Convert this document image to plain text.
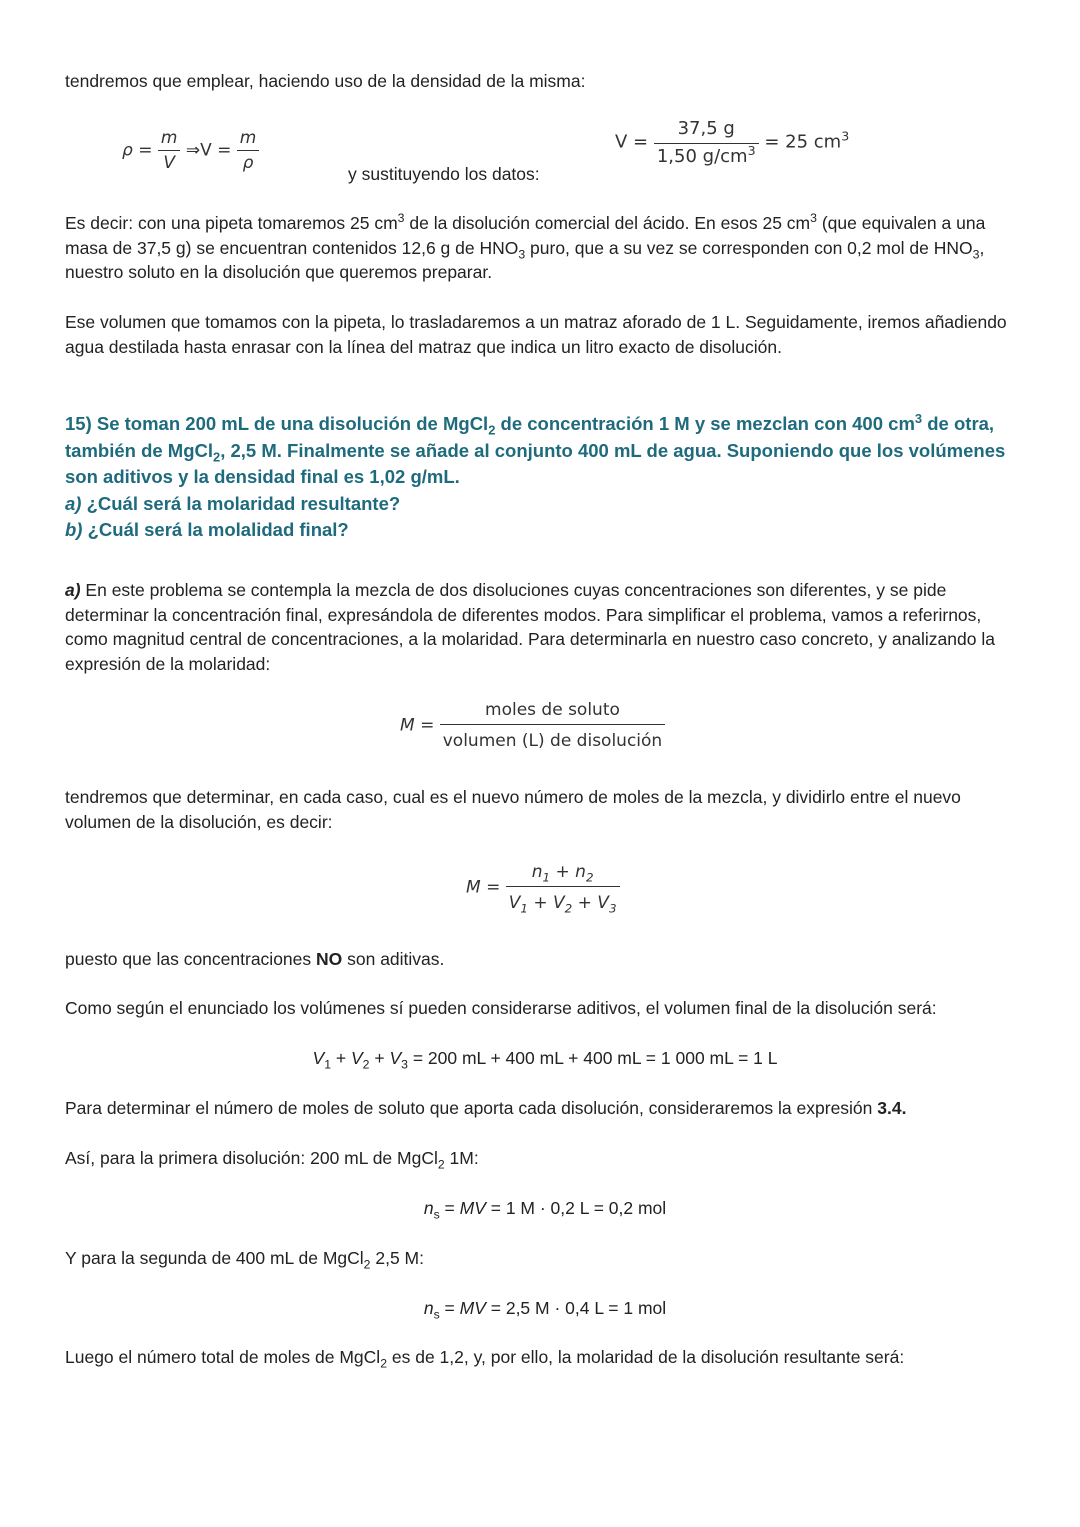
tendremos que emplear, haciendo uso de la densidad de la misma:
$\rho = \frac{m}{V}$ ⇒V = $\frac{m}{\rho}$
y sustituyendo los datos:
$V = \frac{37,5 g}{1,50 g/cm^3} = 25$ $cm^3$
Es decir: con una pipeta tomaremos 25 $cm^3$ de la disolución comercial del ácido. En esos 25 $cm^3$ (que equivalen a una masa de 37,5 g) se encuentran contenidos 12,6 g de $HNO_3$ puro, que a su vez se corresponden con 0,2 mol de $HNO_3$, nuestro soluto en la disolución que queremos preparar.
Ese volumen que tomamos con la pipeta, lo trasladaremos a un matraz aforado de 1 L. Seguidamente, iremos añadiendo agua destilada hasta enrasar con la línea del matraz que indica un litro exacto de disolución.
15) Se toman 200 mL de una disolución de MgCl$_2$ de concentración 1 M y se mezclan con 400 $cm^3$ de otra, también de MgCl$_2$, 2,5 M. Finalmente se añade al conjunto 400 mL de agua. Suponiendo que los volúmenes son aditivos y la densidad final es 1,02 g/mL.
a) ¿Cuál será la molaridad resultante?
b) ¿Cuál será la molalidad final?
a) En este problema se contempla la mezcla de dos disoluciones cuyas concentraciones son diferentes, y se pide determinar la concentración final, expresándola de diferentes modos. Para simplificar el problema, vamos a referirnos, como magnitud central de concentraciones, a la molaridad. Para determinarla en nuestro caso concreto, y analizando la expresión de la molaridad:
$M = \frac{\text{moles de soluto}}{\text{volumen (L) de disolución}}$
tendremos que determinar, en cada caso, cual es el nuevo número de moles de la mezcla, y dividirlo entre el nuevo volumen de la disolución, es decir:
$M = \frac{n_1 + n_2}{V_1 + V_2 + V_3}$
puesto que las concentraciones NO son aditivas.
Como según el enunciado los volúmenes sí pueden considerarse aditivos, el volumen final de la disolución será:
$V_1 + V_2 + V_3 = 200$ mL + 400 mL + 400 mL = 1 000 mL = 1 L
Para determinar el número de moles de soluto que aporta cada disolución, consideraremos la expresión 3.4.
Así, para la primera disolución: 200 mL de MgCl$_2$ 1M:
$n_s$ = MV = 1 M · 0,2 L = 0,2 mol
Y para la segunda de 400 mL de MgCl$_2$ 2,5 M:
$n_s$ = MV = 2,5 M · 0,4 L = 1 mol
Luego el número total de moles de MgCl$_2$ es de 1,2, y, por ello, la molaridad de la disolución resultante será:
